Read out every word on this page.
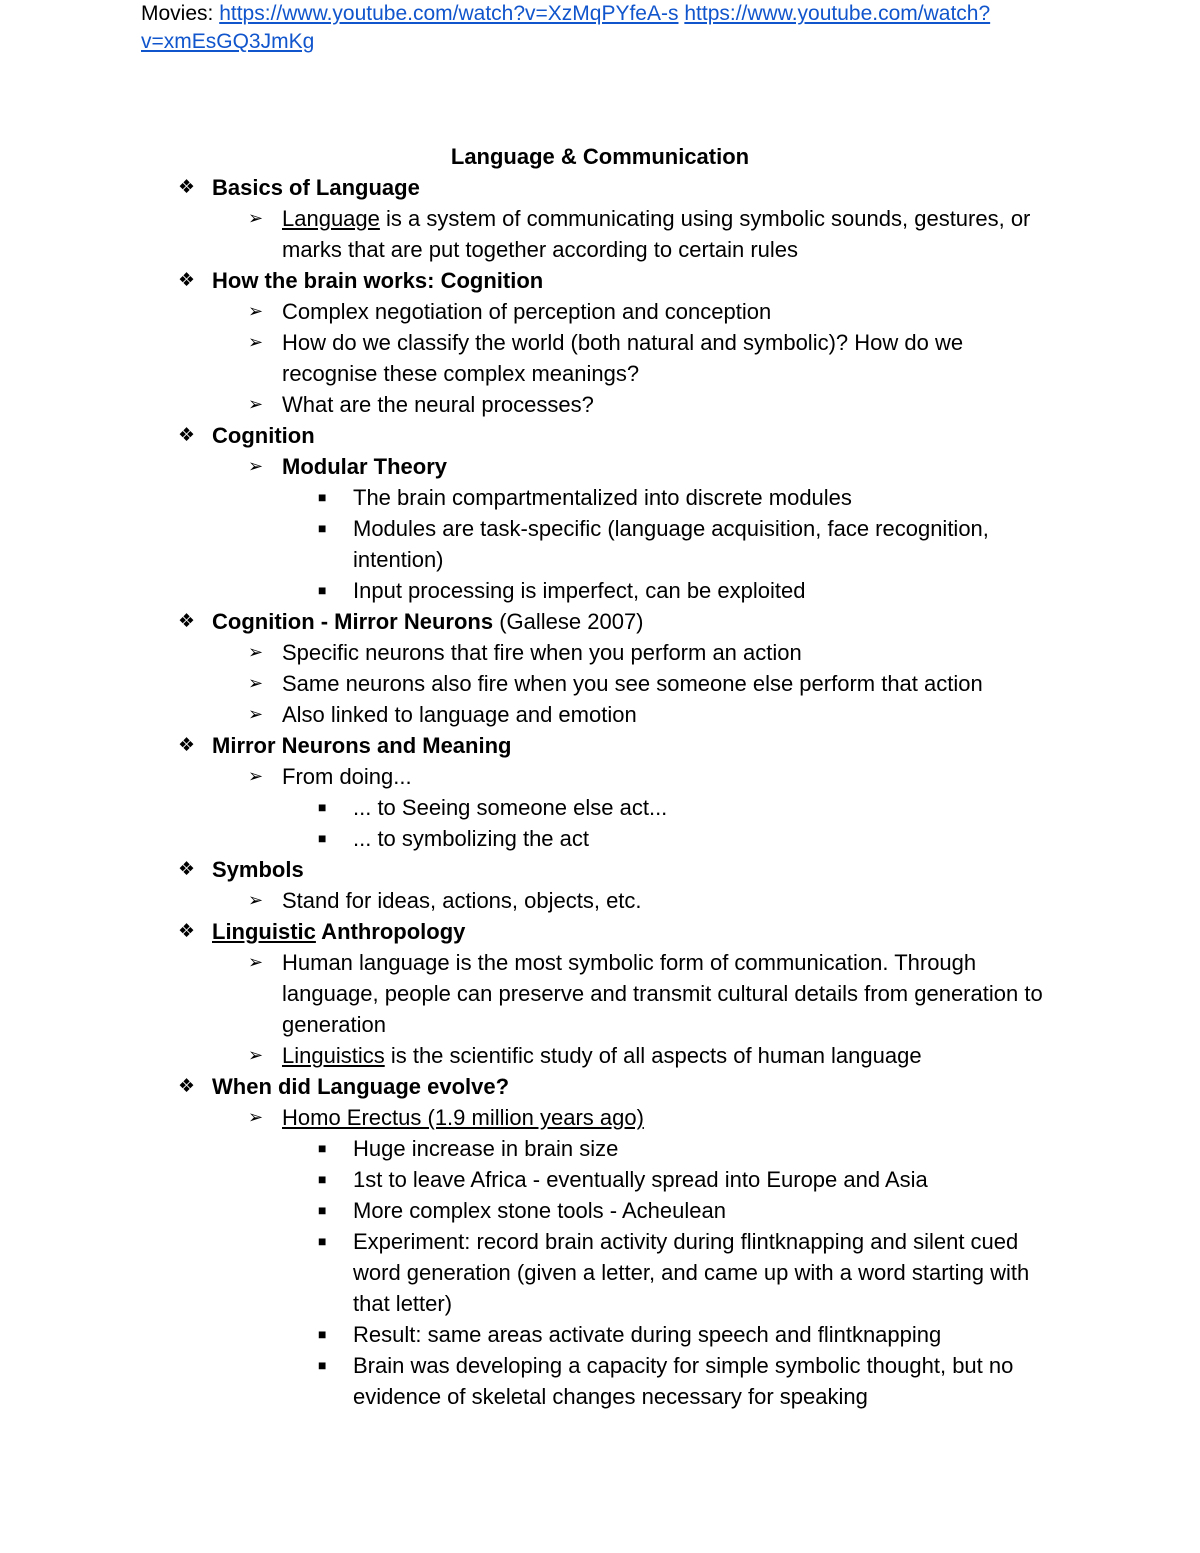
Movies: https://www.youtube.com/watch?v=XzMqPYfeA-s https://www.youtube.com/watch?v=xmEsGQ3JmKg
Language & Communication
❖ Basics of Language
➢ Language is a system of communicating using symbolic sounds, gestures, or marks that are put together according to certain rules
❖ How the brain works: Cognition
➢ Complex negotiation of perception and conception
➢ How do we classify the world (both natural and symbolic)? How do we recognise these complex meanings?
➢ What are the neural processes?
❖ Cognition
➢ Modular Theory
■ The brain compartmentalized into discrete modules
■ Modules are task-specific (language acquisition, face recognition, intention)
■ Input processing is imperfect, can be exploited
❖ Cognition - Mirror Neurons (Gallese 2007)
➢ Specific neurons that fire when you perform an action
➢ Same neurons also fire when you see someone else perform that action
➢ Also linked to language and emotion
❖ Mirror Neurons and Meaning
➢ From doing...
■ ... to Seeing someone else act...
■ ... to symbolizing the act
❖ Symbols
➢ Stand for ideas, actions, objects, etc.
❖ Linguistic Anthropology
➢ Human language is the most symbolic form of communication. Through language, people can preserve and transmit cultural details from generation to generation
➢ Linguistics is the scientific study of all aspects of human language
❖ When did Language evolve?
➢ Homo Erectus (1.9 million years ago)
■ Huge increase in brain size
■ 1st to leave Africa - eventually spread into Europe and Asia
■ More complex stone tools - Acheulean
■ Experiment: record brain activity during flintknapping and silent cued word generation (given a letter, and came up with a word starting with that letter)
■ Result: same areas activate during speech and flintknapping
■ Brain was developing a capacity for simple symbolic thought, but no evidence of skeletal changes necessary for speaking
